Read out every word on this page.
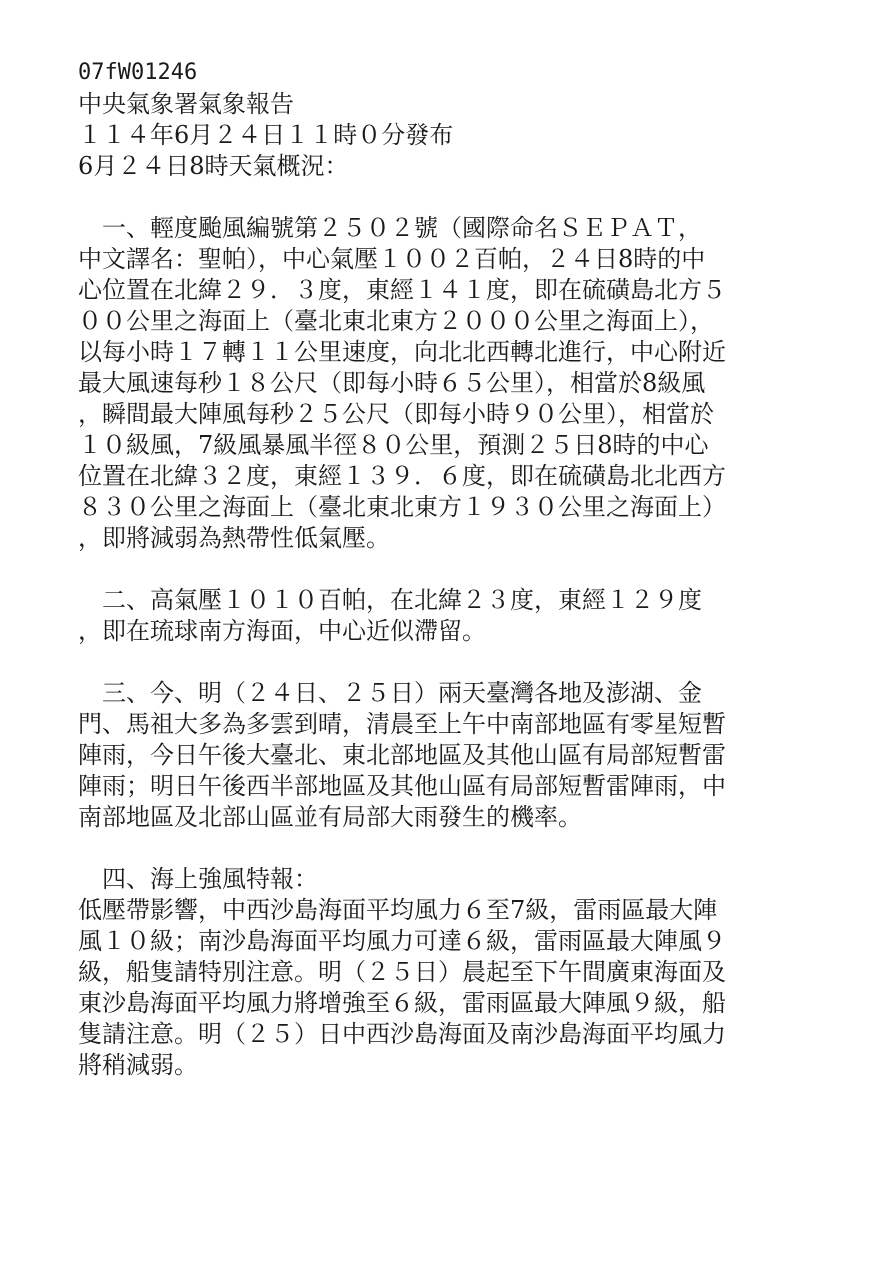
07fW01246
中央氣象署氣象報告
１１４年6月２４日１１時０分發布
6月２４日8時天氣概況：
　一、輕度颱風編號第２５０２號（國際命名ＳＥＰＡＴ，
中文譯名：聖帕），中心氣壓１００２百帕，２４日8時的中
心位置在北緯２９．３度，東經１４１度，即在硫磺島北方５
００公里之海面上（臺北東北東方２０００公里之海面上），
以每小時１７轉１１公里速度，向北北西轉北進行，中心附近
最大風速每秒１８公尺（即每小時６５公里），相當於8級風
，瞬間最大陣風每秒２５公尺（即每小時９０公里），相當於
１０級風，7級風暴風半徑８０公里，預測２５日8時的中心
位置在北緯３２度，東經１３９．６度，即在硫磺島北北西方
８３０公里之海面上（臺北東北東方１９３０公里之海面上）
，即將減弱為熱帶性低氣壓。
　二、高氣壓１０１０百帕，在北緯２３度，東經１２９度
，即在琉球南方海面，中心近似滯留。
　三、今、明（２４日、２５日）兩天臺灣各地及澎湖、金
門、馬祖大多為多雲到晴，清晨至上午中南部地區有零星短暫
陣雨，今日午後大臺北、東北部地區及其他山區有局部短暫雷
陣雨；明日午後西半部地區及其他山區有局部短暫雷陣雨，中
南部地區及北部山區並有局部大雨發生的機率。
　四、海上強風特報：
低壓帶影響，中西沙島海面平均風力６至7級，雷雨區最大陣
風１０級；南沙島海面平均風力可達６級，雷雨區最大陣風９
級，船隻請特別注意。明（２５日）晨起至下午間廣東海面及
東沙島海面平均風力將增強至６級，雷雨區最大陣風９級，船
隻請注意。明（２５）日中西沙島海面及南沙島海面平均風力
將稍減弱。
